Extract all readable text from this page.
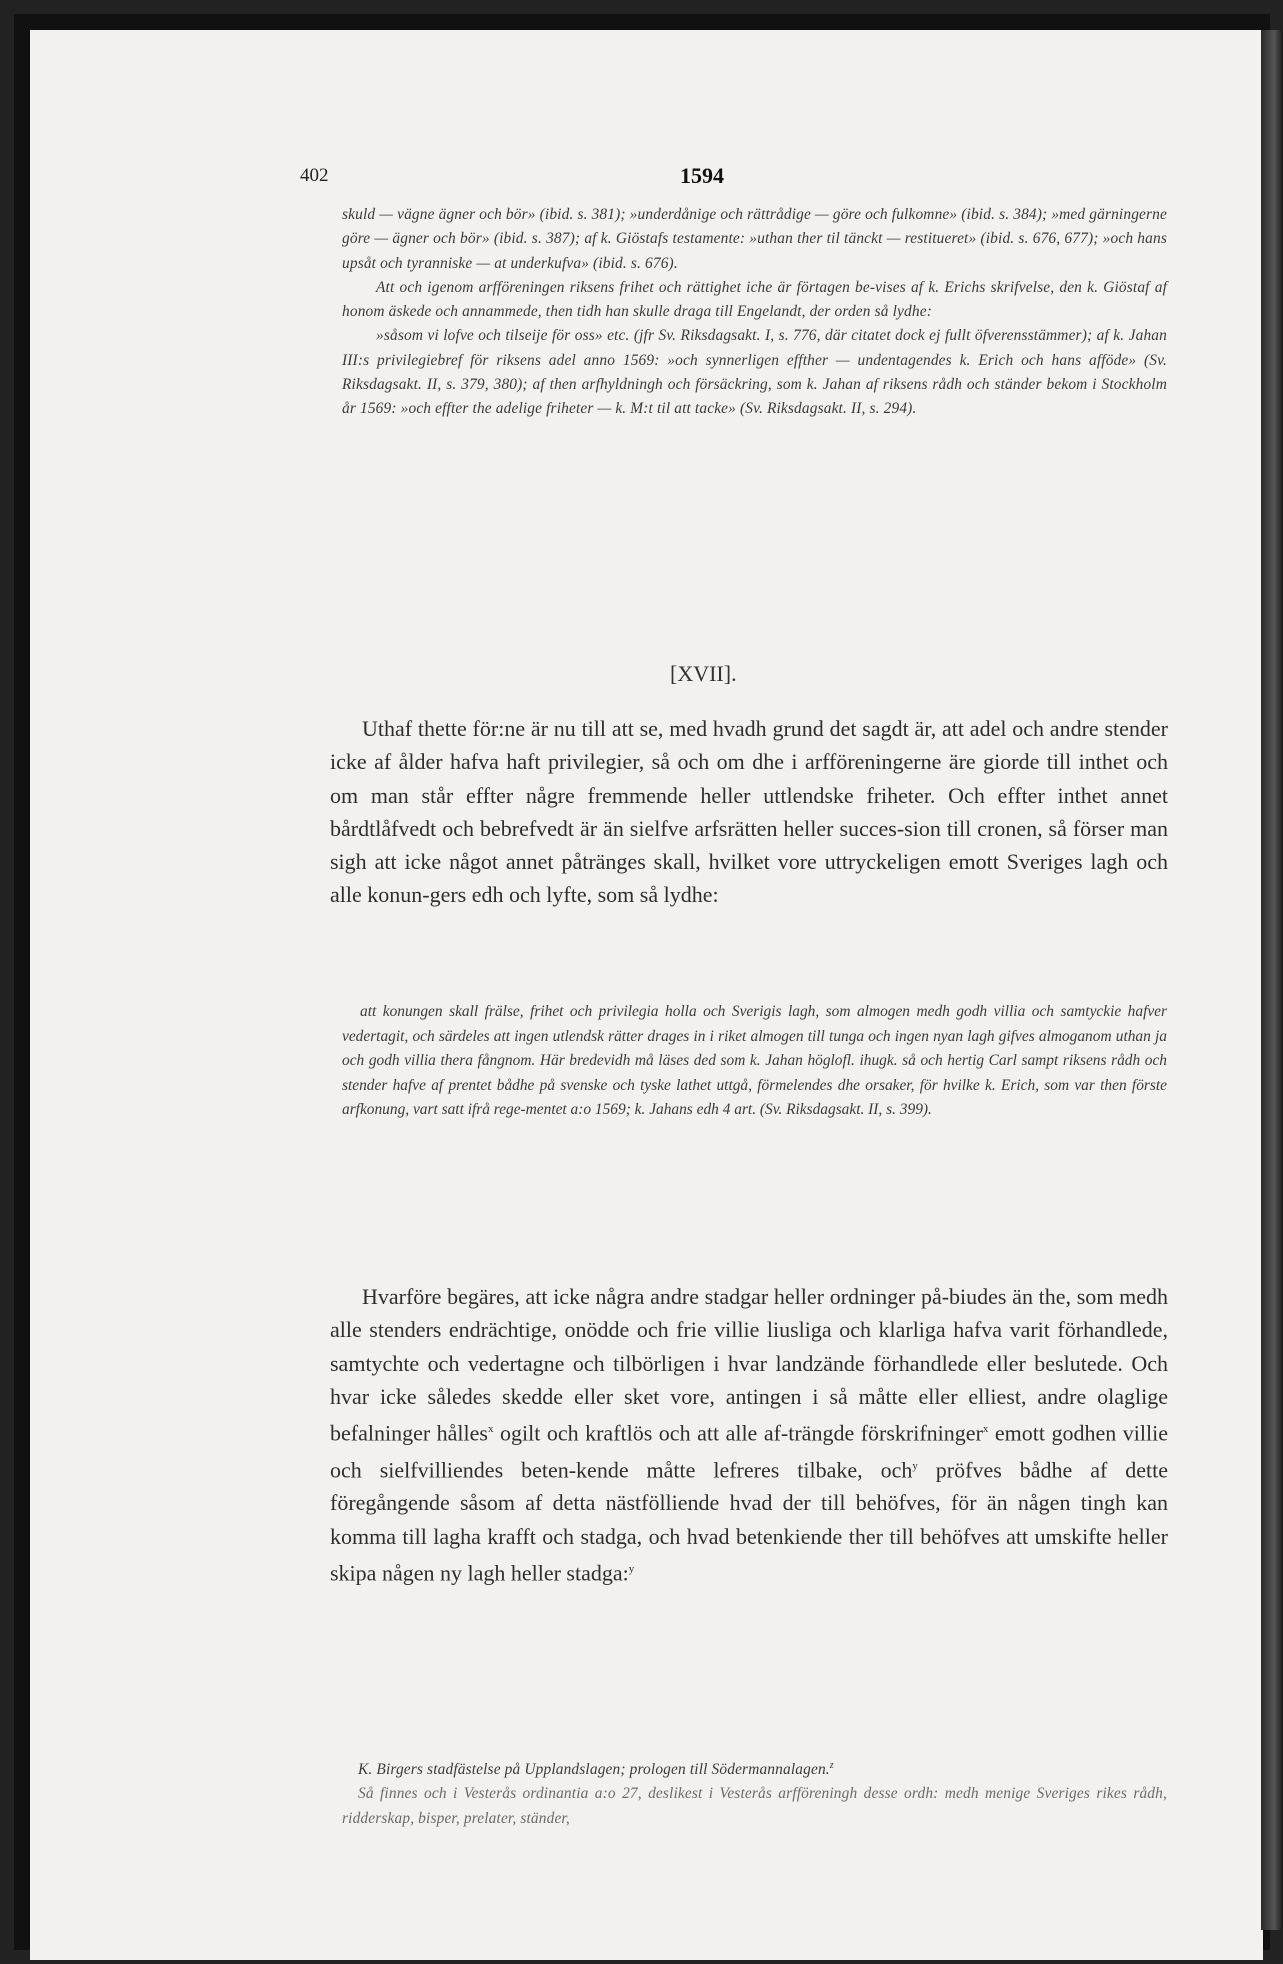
402	1594

skuld — vägne ägner och bör» (ibid. s. 381); »underdånige och rättrådige — göre och fulkomne» (ibid. s. 384); »med gärningerne göre — ägner och bör» (ibid. s. 387); af k. Giöstafs testamente: »uthan ther til tänckt — restitueret» (ibid. s. 676, 677); »och hans upsåt och tyranniske — at underkufva» (ibid. s. 676).

Att och igenom arfföreningen riksens frihet och rättighet iche är förtagen be-vises af k. Erichs skrifvelse, den k. Giöstaf af honom äskede och annammede, then tidh han skulle draga till Engelandt, der orden så lydhe:

»såsom vi lofve och tilseije för oss» etc. (jfr Sv. Riksdagsakt. I, s. 776, där citatet dock ej fullt öfverensstämmer); af k. Jahan III:s privilegiebref för riksens adel anno 1569: »och synnerligen effther — undentagendes k. Erich och hans afföde» (Sv. Riksdagsakt. II, s. 379, 380); af then arfhyldningh och försäckring, som k. Jahan af riksens rådh och ständer bekom i Stockholm år 1569: »och effter the adelige friheter — k. M:t til att tacke» (Sv. Riksdagsakt. II, s. 294).

[XVII].

Uthaf thette för:ne är nu till att se, med hvadh grund det sagdt är, att adel och andre stender icke af ålder hafva haft privilegier, så och om dhe i arfföreningerne äre giorde till inthet och om man står effter någre fremmende heller uttlendske friheter. Och effter inthet annet bårdtlåfvedt och bebrefvedt är än sielfve arfsrätten heller succes-sion till cronen, så förser man sigh att icke något annet påtränges skall, hvilket vore uttryckeligen emott Sveriges lagh och alle konun-gers edh och lyfte, som så lydhe:

att konungen skall frälse, frihet och privilegia holla och Sverigis lagh, som almogen medh godh villia och samtyckie hafver vedertagit, och särdeles att ingen utlendsk rätter drages in i riket almogen till tunga och ingen nyan lagh gifves almoganom uthan ja och godh villia thera fångnom. Här bredevidh må läses ded som k. Jahan höglofl. ihugk. så och hertig Carl sampt riksens rådh och stender hafve af prentet bådhe på svenske och tyske lathet uttgå, förmelendes dhe orsaker, för hvilke k. Erich, som var then förste arfkonung, vart satt ifrå rege-mentet a:o 1569; k. Jahans edh 4 art. (Sv. Riksdagsakt. II, s. 399).

Hvarföre begäres, att icke några andre stadgar heller ordninger på-biudes än the, som medh alle stenders endrächtige, onödde och frie villie liusliga och klarliga hafva varit förhandlede, samtychte och vedertagne och tilbörligen i hvar landzände förhandlede eller beslutede. Och hvar icke således skedde eller sket vore, antingen i så måtte eller elliest, andre olaglige befalninger hålles$^x$ ogilt och kraftlös och att alle af-trängde förskrifninger$^x$ emott godhen villie och sielfvilliendes beten-kende måtte lefreres tilbake, och$^y$ pröfves bådhe af dette föregångende såsom af detta nästfölliende hvad der till behöfves, för än någen tingh kan komma till lagha krafft och stadga, och hvad betenkiende ther till behöfves att umskifte heller skipa någen ny lagh heller stadga:$^y$

K. Birgers stadfästelse på Upplandslagen; prologen till Södermannalagen.$^z$

Så finnes och i Vesterås ordinantia a:o 27, deslikest i Vesterås arfföreningh desse ordh: medh menige Sveriges rikes rådh, ridderskap, bisper, prelater, ständer,
